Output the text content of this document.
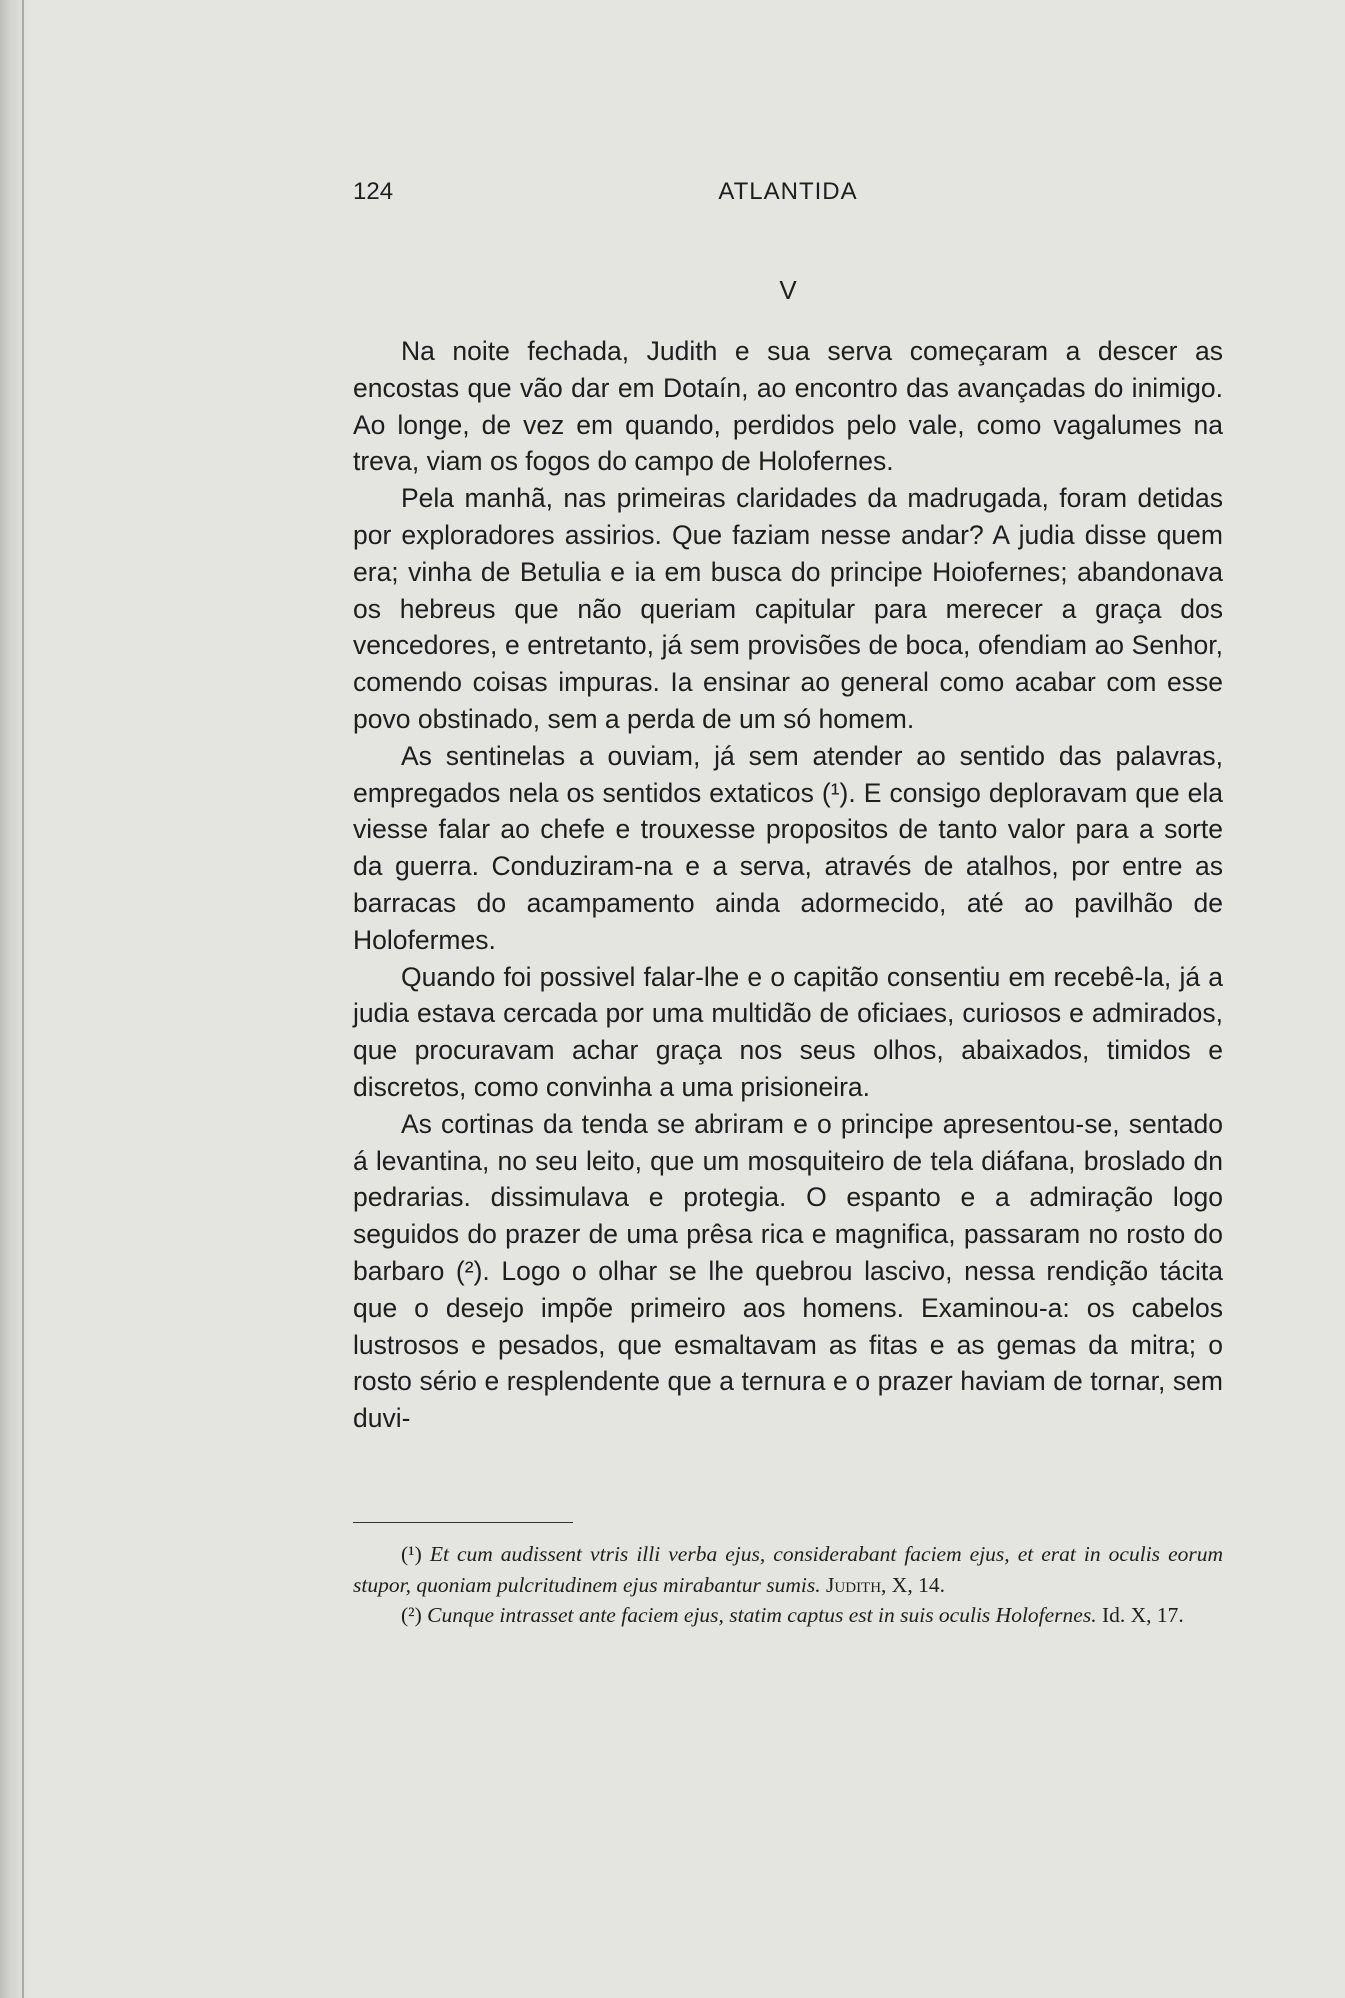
124	ATLANTIDA
V

Na noite fechada, Judith e sua serva começaram a descer as encostas que vão dar em Dotaín, ao encontro das avançadas do inimigo. Ao longe, de vez em quando, perdidos pelo vale, como vagalumes na treva, viam os fogos do campo de Holofernes.

Pela manhã, nas primeiras claridades da madrugada, foram detidas por exploradores assirios. Que faziam nesse andar? A judia disse quem era; vinha de Betulia e ia em busca do principe Hoiofernes; abandonava os hebreus que não queriam capitular para merecer a graça dos vencedores, e entretanto, já sem provisões de boca, ofendiam ao Senhor, comendo coisas impuras. Ia ensinar ao general como acabar com esse povo obstinado, sem a perda de um só homem.

As sentinelas a ouviam, já sem atender ao sentido das palavras, empregados nela os sentidos extaticos (¹). E consigo deploravam que ela viesse falar ao chefe e trouxesse propositos de tanto valor para a sorte da guerra. Conduziram-na e a serva, através de atalhos, por entre as barracas do acampamento ainda adormecido, até ao pavilhão de Holofermes.

Quando foi possivel falar-lhe e o capitão consentiu em recebê-la, já a judia estava cercada por uma multidão de oficiaes, curiosos e admirados, que procuravam achar graça nos seus olhos, abaixados, timidos e discretos, como convinha a uma prisioneira.

As cortinas da tenda se abriram e o principe apresentou-se, sentado á levantina, no seu leito, que um mosquiteiro de tela diáfana, broslado dn pedrarias. dissimulava e protegia. O espanto e a admiração logo seguidos do prazer de uma prêsa rica e magnifica, passaram no rosto do barbaro (²). Logo o olhar se lhe quebrou lascivo, nessa rendição tácita que o desejo impõe primeiro aos homens. Examinou-a: os cabelos lustrosos e pesados, que esmaltavam as fitas e as gemas da mitra; o rosto sério e resplendente que a ternura e o prazer haviam de tornar, sem duvi-

(¹) Et cum audissent vtris illi verba ejus, considerabant faciem ejus, et erat in oculis eorum stupor, quoniam pulcritudinem ejus mirabantur sumis. Judith, X, 14.

(²) Cunque intrasset ante faciem ejus, statim captus est in suis oculis Holofernes. Id. X, 17.
